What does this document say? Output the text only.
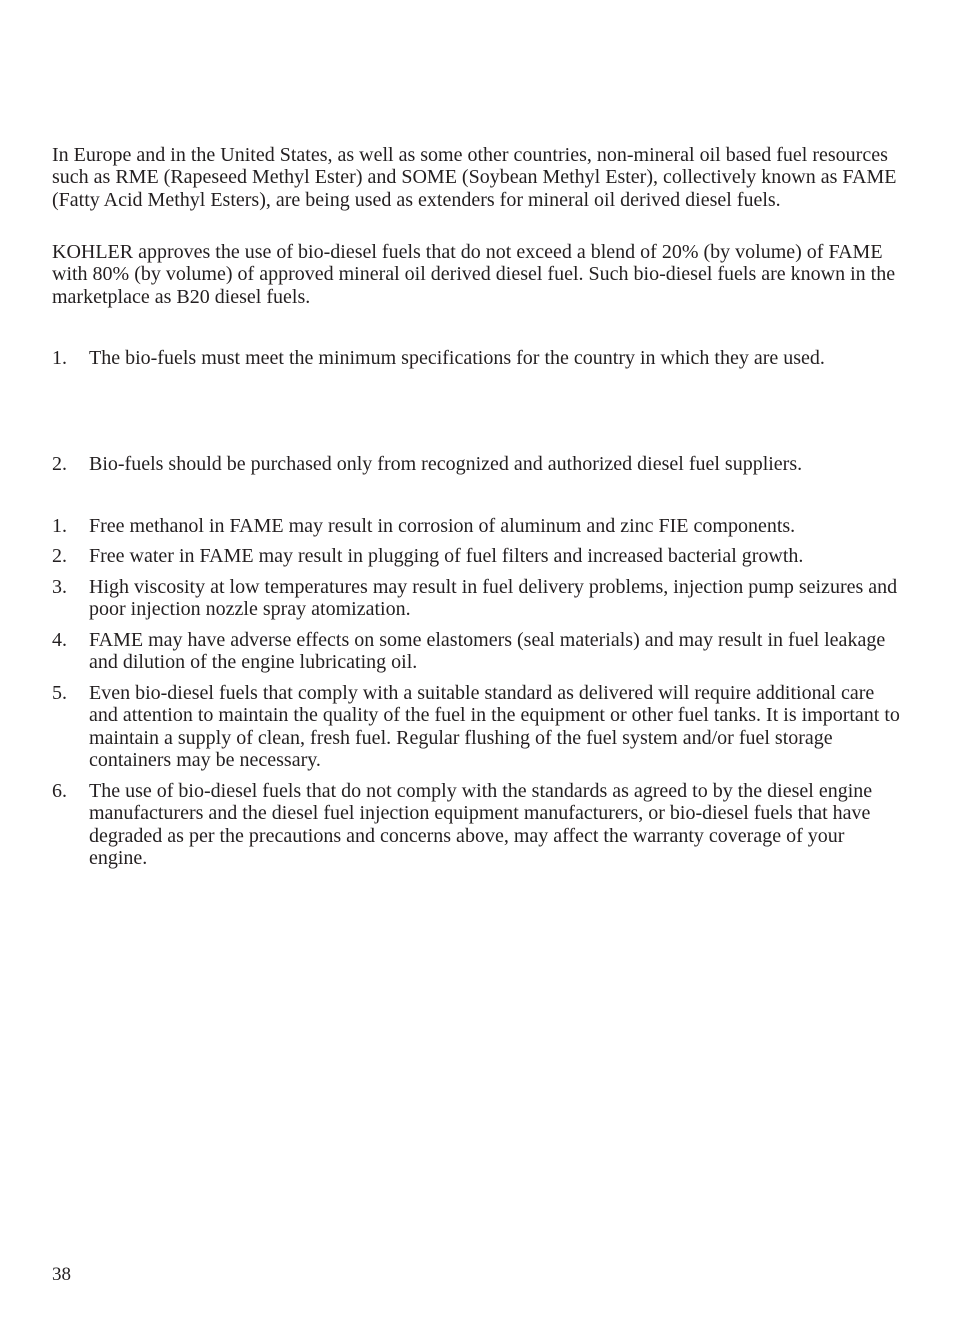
In Europe and in the United States, as well as some other countries, non-mineral oil based fuel resources such as RME (Rapeseed Methyl Ester) and SOME (Soybean Methyl Ester), collectively known as FAME (Fatty Acid Methyl Esters), are being used as extenders for mineral oil derived diesel fuels.

KOHLER approves the use of bio-diesel fuels that do not exceed a blend of 20% (by volume) of FAME with 80% (by volume) of approved mineral oil derived diesel fuel. Such bio-diesel fuels are known in the marketplace as B20 diesel fuels.

1. The bio-fuels must meet the minimum specifications for the country in which they are used.
2. Bio-fuels should be purchased only from recognized and authorized diesel fuel suppliers.
1. Free methanol in FAME may result in corrosion of aluminum and zinc FIE components.
2. Free water in FAME may result in plugging of fuel filters and increased bacterial growth.
3. High viscosity at low temperatures may result in fuel delivery problems, injection pump seizures and poor injection nozzle spray atomization.
4. FAME may have adverse effects on some elastomers (seal materials) and may result in fuel leakage and dilution of the engine lubricating oil.
5. Even bio-diesel fuels that comply with a suitable standard as delivered will require additional care and attention to maintain the quality of the fuel in the equipment or other fuel tanks. It is important to maintain a supply of clean, fresh fuel. Regular flushing of the fuel system and/or fuel storage containers may be necessary.
6. The use of bio-diesel fuels that do not comply with the standards as agreed to by the diesel engine manufacturers and the diesel fuel injection equipment manufacturers, or bio-diesel fuels that have degraded as per the precautions and concerns above, may affect the warranty coverage of your engine.
38
